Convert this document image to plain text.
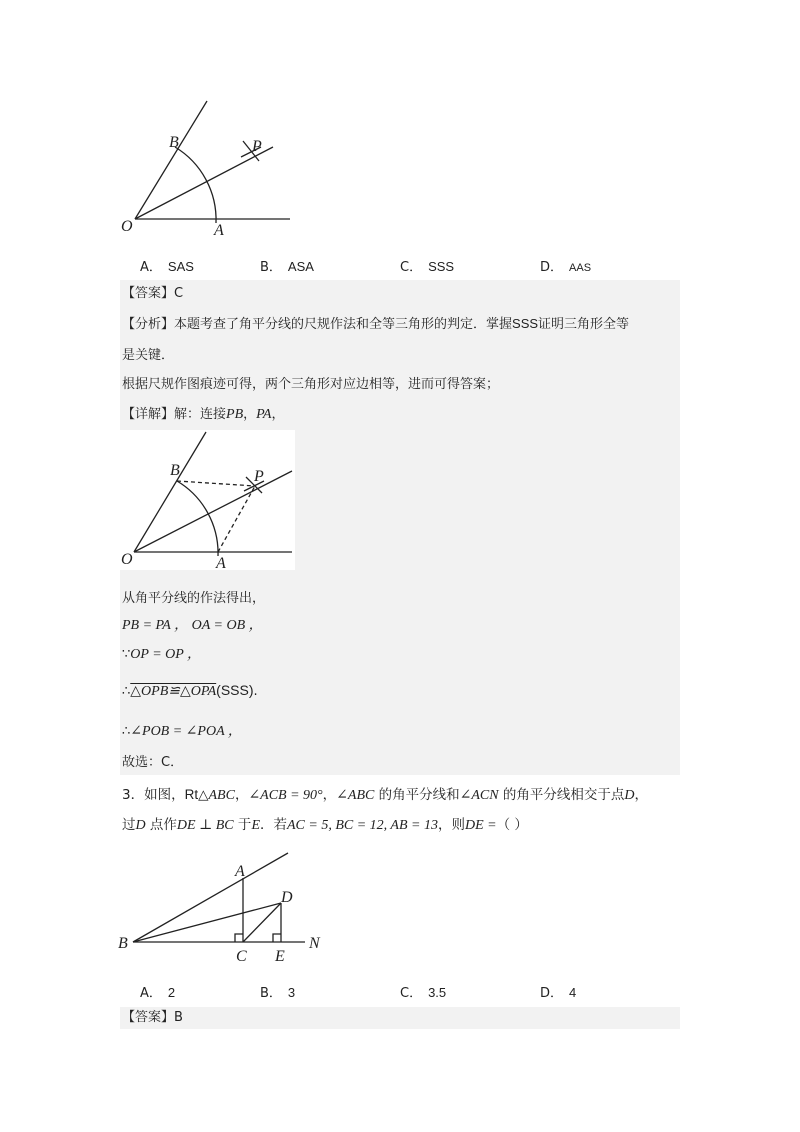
O	A
B	P
A． SAS	B． ASA	C． SSS	D． AAS
【答案】C
【分析】本题考查了角平分线的尺规作法和全等三角形的判定．掌握SSS证明三角形全等
是关键．
根据尺规作图痕迹可得，两个三角形对应边相等，进而可得答案；
【详解】解：连接PB，PA，
O	A
B	P
从角平分线的作法得出，
PB = PA ， OA = OB ，
∵OP = OP ，
∴△OPB≌△OPA(SSS).
∴∠POB = ∠POA ，
故选：C．
3．如图，Rt△ABC，∠ACB = 90°，∠ABC 的角平分线和∠ACN 的角平分线相交于点D，
过D 点作DE ⊥ BC 于E．若AC = 5, BC = 12, AB = 13，则DE =（ ）
A
B
C
D
E
N
A． 2	B． 3	C． 3.5	D． 4
【答案】B
